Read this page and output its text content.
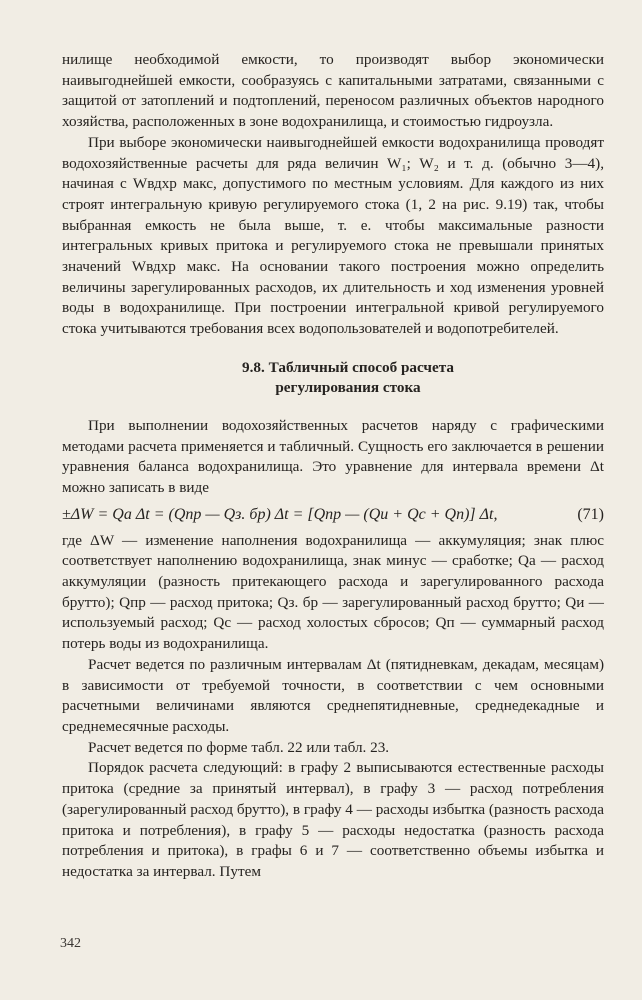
нилище необходимой емкости, то производят выбор экономически наивыгоднейшей емкости, сообразуясь с капитальными затратами, связанными с защитой от затоплений и подтоплений, переносом различных объектов народного хозяйства, расположенных в зоне водохранилища, и стоимостью гидроузла.

При выборе экономически наивыгоднейшей емкости водохранилища проводят водохозяйственные расчеты для ряда величин W₁; W₂ и т. д. (обычно 3—4), начиная с Wвдхр макс, допустимого по местным условиям. Для каждого из них строят интегральную кривую регулируемого стока (1, 2 на рис. 9.19) так, чтобы выбранная емкость не была выше, т. е. чтобы максимальные разности интегральных кривых притока и регулируемого стока не превышали принятых значений Wвдхр макс. На основании такого построения можно определить величины зарегулированных расходов, их длительность и ход изменения уровней воды в водохранилище. При построении интегральной кривой регулируемого стока учитываются требования всех водопользователей и водопотребителей.

9.8. Табличный способ расчета
регулирования стока

При выполнении водохозяйственных расчетов наряду с графическими методами расчета применяется и табличный. Сущность его заключается в решении уравнения баланса водохранилища. Это уравнение для интервала времени Δt можно записать в виде

±ΔW = Qа Δt = (Qпр — Qз. бр) Δt = [Qпр — (Qи + Qс + Qп)] Δt,	(71)

где ΔW — изменение наполнения водохранилища — аккумуляция; знак плюс соответствует наполнению водохранилища, знак минус — сработке; Qа — расход аккумуляции (разность притекающего расхода и зарегулированного расхода брутто); Qпр — расход притока; Qз. бр — зарегулированный расход брутто; Qи — используемый расход; Qс — расход холостых сбросов; Qп — суммарный расход потерь воды из водохранилища.

Расчет ведется по различным интервалам Δt (пятидневкам, декадам, месяцам) в зависимости от требуемой точности, в соответствии с чем основными расчетными величинами являются среднепятидневные, среднедекадные и среднемесячные расходы.

Расчет ведется по форме табл. 22 или табл. 23.

Порядок расчета следующий: в графу 2 выписываются естественные расходы притока (средние за принятый интервал), в графу 3 — расход потребления (зарегулированный расход брутто), в графу 4 — расходы избытка (разность расхода притока и потребления), в графу 5 — расходы недостатка (разность расхода потребления и притока), в графы 6 и 7 — соответственно объемы избытка и недостатка за интервал. Путем

342
